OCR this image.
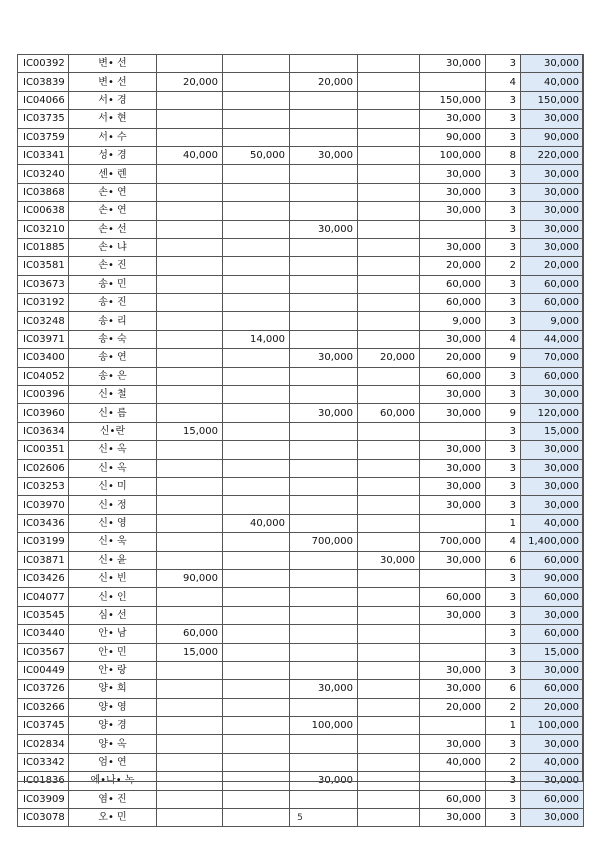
IC00392	변• 선					30,000	3	30,000
IC03839	변• 선	20,000		20,000			4	40,000
IC04066	서• 경					150,000	3	150,000
IC03735	서• 현					30,000	3	30,000
IC03759	서• 수					90,000	3	90,000
IC03341	성• 경	40,000	50,000	30,000		100,000	8	220,000
IC03240	센• 렌					30,000	3	30,000
IC03868	손• 연					30,000	3	30,000
IC00638	손• 연					30,000	3	30,000
IC03210	손• 선			30,000			3	30,000
IC01885	손• 냐					30,000	3	30,000
IC03581	손• 진					20,000	2	20,000
IC03673	송• 민					60,000	3	60,000
IC03192	송• 진					60,000	3	60,000
IC03248	송• 리					9,000	3	9,000
IC03971	송• 숙		14,000			30,000	4	44,000
IC03400	송• 연			30,000	20,000	20,000	9	70,000
IC04052	송• 은					60,000	3	60,000
IC00396	신• 철					30,000	3	30,000
IC03960	신• 름			30,000	60,000	30,000	9	120,000
IC03634	신•란	15,000					3	15,000
IC00351	신• 옥					30,000	3	30,000
IC02606	신• 옥					30,000	3	30,000
IC03253	신• 미					30,000	3	30,000
IC03970	신• 정					30,000	3	30,000
IC03436	신• 영		40,000				1	40,000
IC03199	신• 욱			700,000		700,000	4	1,400,000
IC03871	신• 윤				30,000	30,000	6	60,000
IC03426	신• 빈	90,000					3	90,000
IC04077	신• 인					60,000	3	60,000
IC03545	심• 선					30,000	3	30,000
IC03440	안• 남	60,000					3	60,000
IC03567	안• 민	15,000					3	15,000
IC00449	안• 랑					30,000	3	30,000
IC03726	양• 희			30,000		30,000	6	60,000
IC03266	양• 영					20,000	2	20,000
IC03745	양• 경			100,000			1	100,000
IC02834	양• 옥					30,000	3	30,000
IC03342	엄• 연					40,000	2	40,000
IC01836	에•나• 녹			30,000			3	30,000
IC03909	염• 진					60,000	3	60,000
IC03078	오• 민					30,000	3	30,000
5
